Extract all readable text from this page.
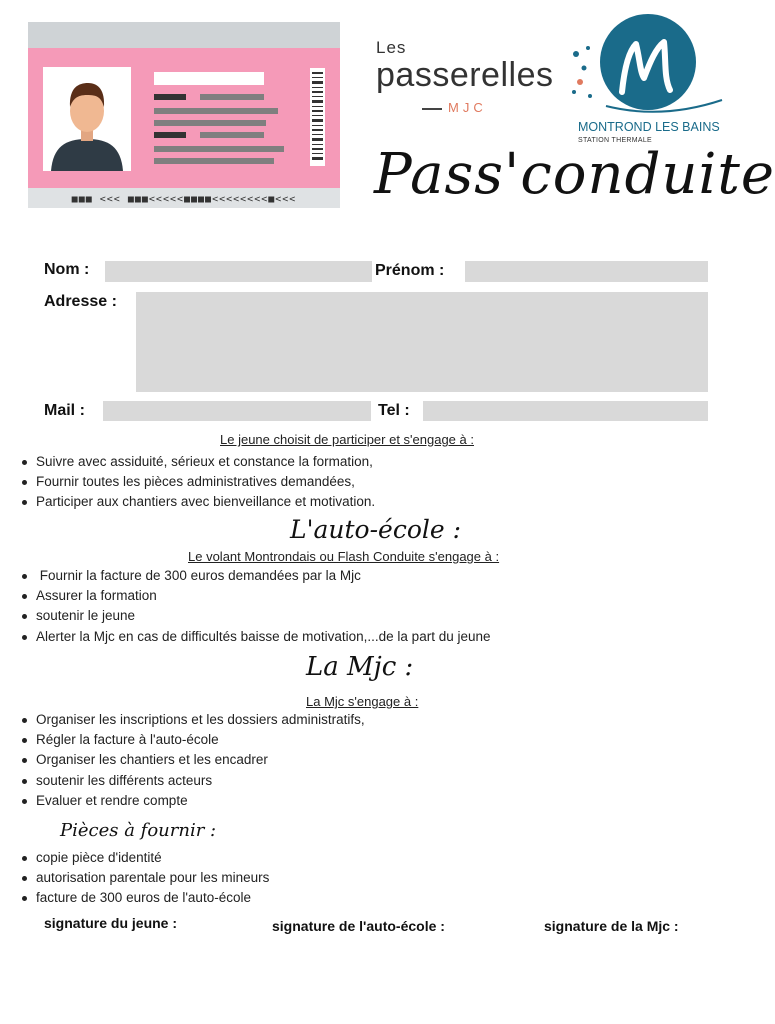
■■■ <<< ■■■<<<<<■■■■<<<<<<<<■<<<
Les
passerelles
MJC
MONTROND LES BAINS
STATION THERMALE
Pass'conduite
Nom :	Prénom :
Adresse :
Mail :	Tel :
Le jeune choisit de participer et s'engage à :
Suivre avec assiduité, sérieux et constance la formation,
Fournir toutes les pièces administratives demandées,
Participer aux chantiers avec bienveillance et motivation.
L'auto-école :
Le volant Montrondais ou Flash Conduite s'engage à :
Fournir la facture de 300 euros demandées par la Mjc
Assurer la formation
soutenir le jeune
Alerter la Mjc en cas de difficultés baisse de motivation,...de la part du jeune
La Mjc :
La Mjc s'engage à :
Organiser les inscriptions et les dossiers administratifs,
Régler la facture à l'auto-école
Organiser les chantiers et les encadrer
soutenir les différents acteurs
Evaluer et rendre compte
Pièces à fournir :
copie pièce d'identité
autorisation parentale pour les mineurs
facture de 300 euros de l'auto-école
signature du jeune :	signature de l'auto-école :	signature de la Mjc :
